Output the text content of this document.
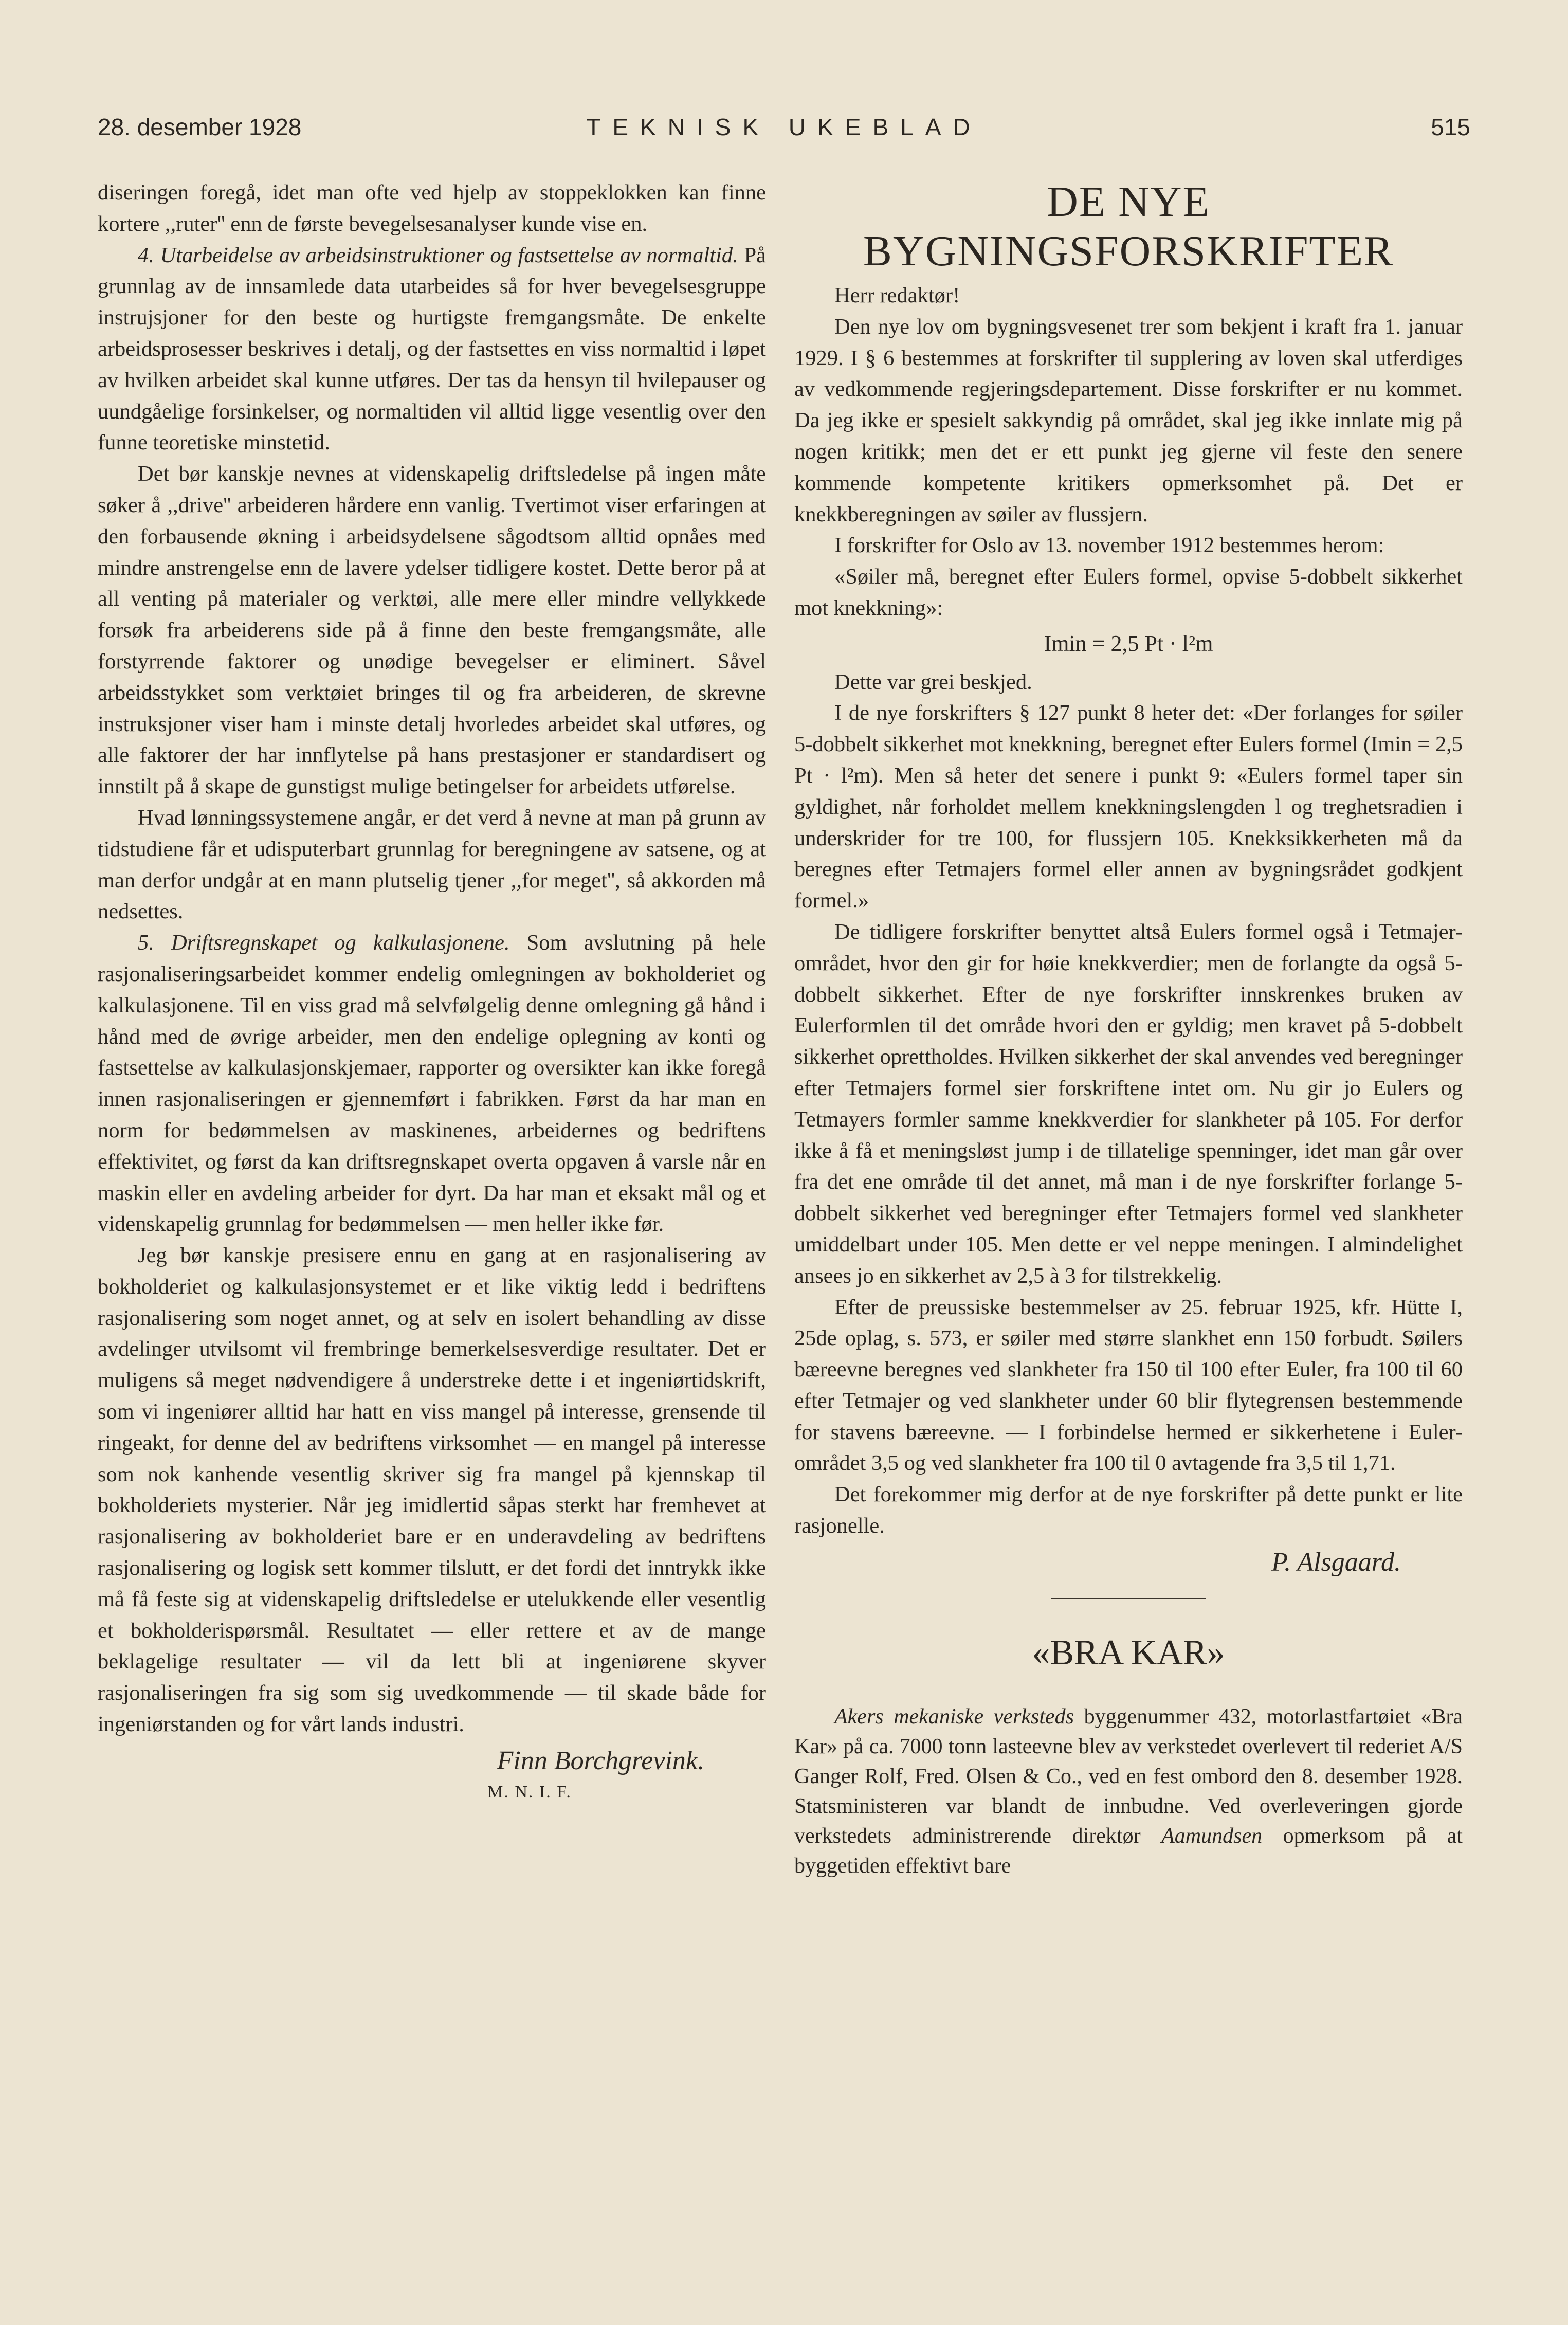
28. desember 1928	TEKNISK UKEBLAD	515

diseringen foregå, idet man ofte ved hjelp av stoppeklokken kan finne kortere ,,ruter'' enn de første bevegelsesanalyser kunde vise en.

4. Utarbeidelse av arbeidsinstruktioner og fastsettelse av normaltid. På grunnlag av de innsamlede data utarbeides så for hver bevegelsesgruppe instrujsjoner for den beste og hurtigste fremgangsmåte. De enkelte arbeidsprosesser beskrives i detalj, og der fastsettes en viss normaltid i løpet av hvilken arbeidet skal kunne utføres. Der tas da hensyn til hvilepauser og uundgåelige forsinkelser, og normaltiden vil alltid ligge vesentlig over den funne teoretiske minstetid.

Det bør kanskje nevnes at videnskapelig driftsledelse på ingen måte søker å ,,drive'' arbeideren hårdere enn vanlig. Tvertimot viser erfaringen at den forbausende økning i arbeidsydelsene sågodtsom alltid opnåes med mindre anstrengelse enn de lavere ydelser tidligere kostet. Dette beror på at all venting på materialer og verktøi, alle mere eller mindre vellykkede forsøk fra arbeiderens side på å finne den beste fremgangsmåte, alle forstyrrende faktorer og unødige bevegelser er eliminert. Såvel arbeidsstykket som verktøiet bringes til og fra arbeideren, de skrevne instruksjoner viser ham i minste detalj hvorledes arbeidet skal utføres, og alle faktorer der har innflytelse på hans prestasjoner er standardisert og innstilt på å skape de gunstigst mulige betingelser for arbeidets utførelse.

Hvad lønningssystemene angår, er det verd å nevne at man på grunn av tidstudiene får et udisputerbart grunnlag for beregningene av satsene, og at man derfor undgår at en mann plutselig tjener ,,for meget'', så akkorden må nedsettes.

5. Driftsregnskapet og kalkulasjonene. Som avslutning på hele rasjonaliseringsarbeidet kommer endelig omlegningen av bokholderiet og kalkulasjonene. Til en viss grad må selvfølgelig denne omlegning gå hånd i hånd med de øvrige arbeider, men den endelige oplegning av konti og fastsettelse av kalkulasjonskjemaer, rapporter og oversikter kan ikke foregå innen rasjonaliseringen er gjennemført i fabrikken. Først da har man en norm for bedømmelsen av maskinenes, arbeidernes og bedriftens effektivitet, og først da kan driftsregnskapet overta opgaven å varsle når en maskin eller en avdeling arbeider for dyrt. Da har man et eksakt mål og et videnskapelig grunnlag for bedømmelsen — men heller ikke før.

Jeg bør kanskje presisere ennu en gang at en rasjonalisering av bokholderiet og kalkulasjonsystemet er et like viktig ledd i bedriftens rasjonalisering som noget annet, og at selv en isolert behandling av disse avdelinger utvilsomt vil frembringe bemerkelsesverdige resultater. Det er muligens så meget nødvendigere å understreke dette i et ingeniørtidskrift, som vi ingeniører alltid har hatt en viss mangel på interesse, grensende til ringeakt, for denne del av bedriftens virksomhet — en mangel på interesse som nok kanhende vesentlig skriver sig fra mangel på kjennskap til bokholderiets mysterier. Når jeg imidlertid såpas sterkt har fremhevet at rasjonalisering av bokholderiet bare er en underavdeling av bedriftens rasjonalisering og logisk sett kommer tilslutt, er det fordi det inntrykk ikke må få feste sig at videnskapelig driftsledelse er utelukkende eller vesentlig et bokholderispørsmål. Resultatet — eller rettere et av de mange beklagelige resultater — vil da lett bli at ingeniørene skyver rasjonaliseringen fra sig som sig uvedkommende — til skade både for ingeniørstanden og for vårt lands industri.

Finn Borchgrevink.

M. N. I. F.

DE NYE BYGNINGSFORSKRIFTER

Herr redaktør!

Den nye lov om bygningsvesenet trer som bekjent i kraft fra 1. januar 1929. I § 6 bestemmes at forskrifter til supplering av loven skal utferdiges av vedkommende regjeringsdepartement. Disse forskrifter er nu kommet. Da jeg ikke er spesielt sakkyndig på området, skal jeg ikke innlate mig på nogen kritikk; men det er ett punkt jeg gjerne vil feste den senere kommende kompetente kritikers opmerksomhet på. Det er knekkberegningen av søiler av flussjern.

I forskrifter for Oslo av 13. november 1912 bestemmes herom:

«Søiler må, beregnet efter Eulers formel, opvise 5-dobbelt sikkerhet mot knekkning»:

Imin = 2,5 Pt · l²m

Dette var grei beskjed.

I de nye forskrifters § 127 punkt 8 heter det: «Der forlanges for søiler 5-dobbelt sikkerhet mot knekkning, beregnet efter Eulers formel (Imin = 2,5 Pt · l²m). Men så heter det senere i punkt 9: «Eulers formel taper sin gyldighet, når forholdet mellem knekkningslengden l og treghetsradien i underskrider for tre 100, for flussjern 105. Knekksikkerheten må da beregnes efter Tetmajers formel eller annen av bygningsrådet godkjent formel.»

De tidligere forskrifter benyttet altså Eulers formel også i Tetmajer-området, hvor den gir for høie knekkverdier; men de forlangte da også 5-dobbelt sikkerhet. Efter de nye forskrifter innskrenkes bruken av Eulerformlen til det område hvori den er gyldig; men kravet på 5-dobbelt sikkerhet oprettholdes. Hvilken sikkerhet der skal anvendes ved beregninger efter Tetmajers formel sier forskriftene intet om. Nu gir jo Eulers og Tetmayers formler samme knekkverdier for slankheter på 105. For derfor ikke å få et meningsløst jump i de tillatelige spenninger, idet man går over fra det ene område til det annet, må man i de nye forskrifter forlange 5-dobbelt sikkerhet ved beregninger efter Tetmajers formel ved slankheter umiddelbart under 105. Men dette er vel neppe meningen. I almindelighet ansees jo en sikkerhet av 2,5 à 3 for tilstrekkelig.

Efter de preussiske bestemmelser av 25. februar 1925, kfr. Hütte I, 25de oplag, s. 573, er søiler med større slankhet enn 150 forbudt. Søilers bæreevne beregnes ved slankheter fra 150 til 100 efter Euler, fra 100 til 60 efter Tetmajer og ved slankheter under 60 blir flytegrensen bestemmende for stavens bæreevne. — I forbindelse hermed er sikkerhetene i Euler-området 3,5 og ved slankheter fra 100 til 0 avtagende fra 3,5 til 1,71.

Det forekommer mig derfor at de nye forskrifter på dette punkt er lite rasjonelle.

P. Alsgaard.

«BRA KAR»

Akers mekaniske verksteds byggenummer 432, motorlastfartøiet «Bra Kar» på ca. 7000 tonn lasteevne blev av verkstedet overlevert til rederiet A/S Ganger Rolf, Fred. Olsen & Co., ved en fest ombord den 8. desember 1928. Statsministeren var blandt de innbudne. Ved overleveringen gjorde verkstedets administrerende direktør Aamundsen opmerksom på at byggetiden effektivt bare
